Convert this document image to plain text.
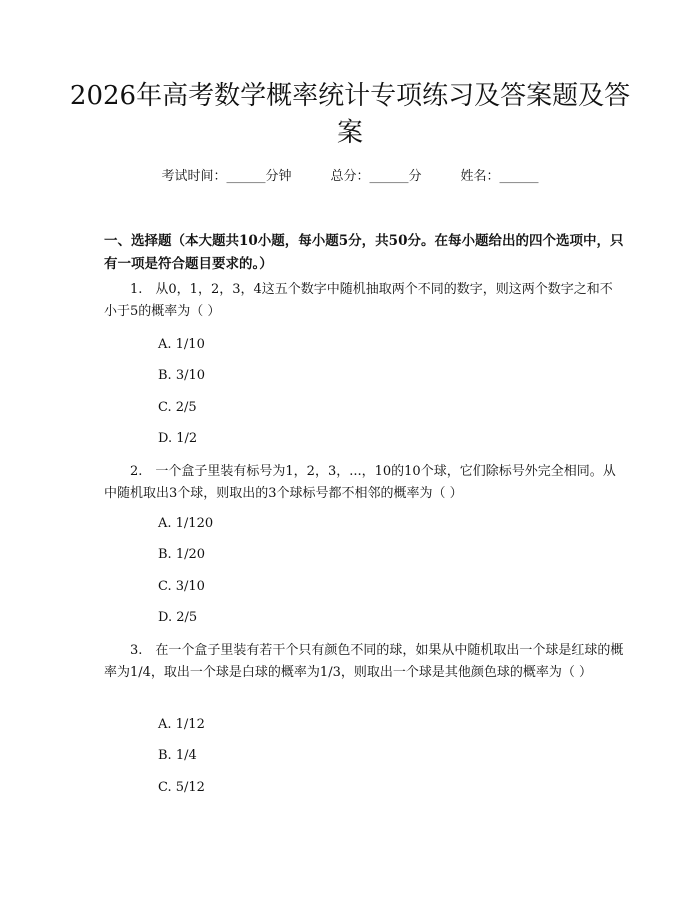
2026年高考数学概率统计专项练习及答案题及答案
考试时间：______分钟　　　	总分：______分　　　	姓名：______
一、选择题（本大题共10小题，每小题5分，共50分。在每小题给出的四个选项中，只有一项是符合题目要求的。）
1.　从0，1，2，3，4这五个数字中随机抽取两个不同的数字，则这两个数字之和不小于5的概率为（ ）
A. 1/10
B. 3/10
C. 2/5
D. 1/2
2.　一个盒子里装有标号为1，2，3，...，10的10个球，它们除标号外完全相同。从中随机取出3个球，则取出的3个球标号都不相邻的概率为（ ）
A. 1/120
B. 1/20
C. 3/10
D. 2/5
3.　在一个盒子里装有若干个只有颜色不同的球，如果从中随机取出一个球是红球的概率为1/4，取出一个球是白球的概率为1/3，则取出一个球是其他颜色球的概率为（ ）
A. 1/12
B. 1/4
C. 5/12
